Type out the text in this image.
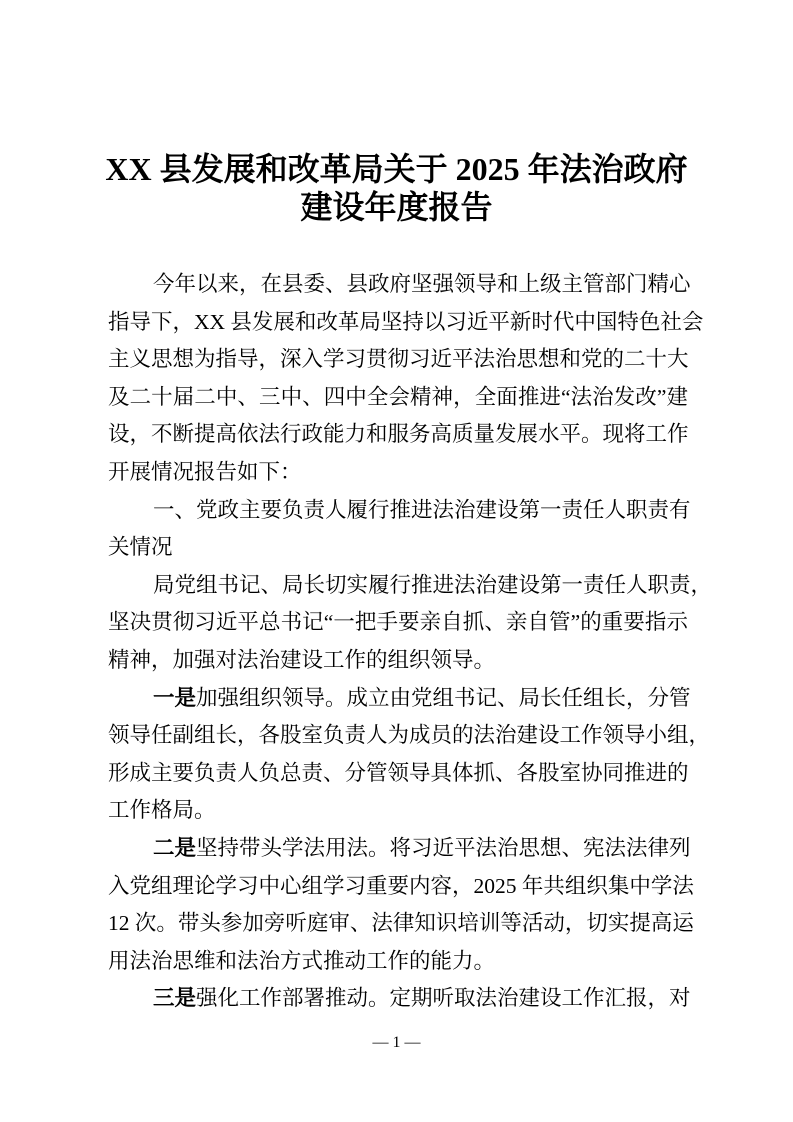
XX 县发展和改革局关于 2025 年法治政府
建设年度报告
今年以来，在县委、县政府坚强领导和上级主管部门精心
指导下，XX 县发展和改革局坚持以习近平新时代中国特色社会
主义思想为指导，深入学习贯彻习近平法治思想和党的二十大
及二十届二中、三中、四中全会精神，全面推进“法治发改”建
设，不断提高依法行政能力和服务高质量发展水平。现将工作
开展情况报告如下：
一、党政主要负责人履行推进法治建设第一责任人职责有
关情况
局党组书记、局长切实履行推进法治建设第一责任人职责，
坚决贯彻习近平总书记“一把手要亲自抓、亲自管”的重要指示
精神，加强对法治建设工作的组织领导。
一是加强组织领导。成立由党组书记、局长任组长，分管
领导任副组长，各股室负责人为成员的法治建设工作领导小组，
形成主要负责人负总责、分管领导具体抓、各股室协同推进的
工作格局。
二是坚持带头学法用法。将习近平法治思想、宪法法律列
入党组理论学习中心组学习重要内容，2025 年共组织集中学法
12 次。带头参加旁听庭审、法律知识培训等活动，切实提高运
用法治思维和法治方式推动工作的能力。
三是强化工作部署推动。定期听取法治建设工作汇报，对
— 1 —
